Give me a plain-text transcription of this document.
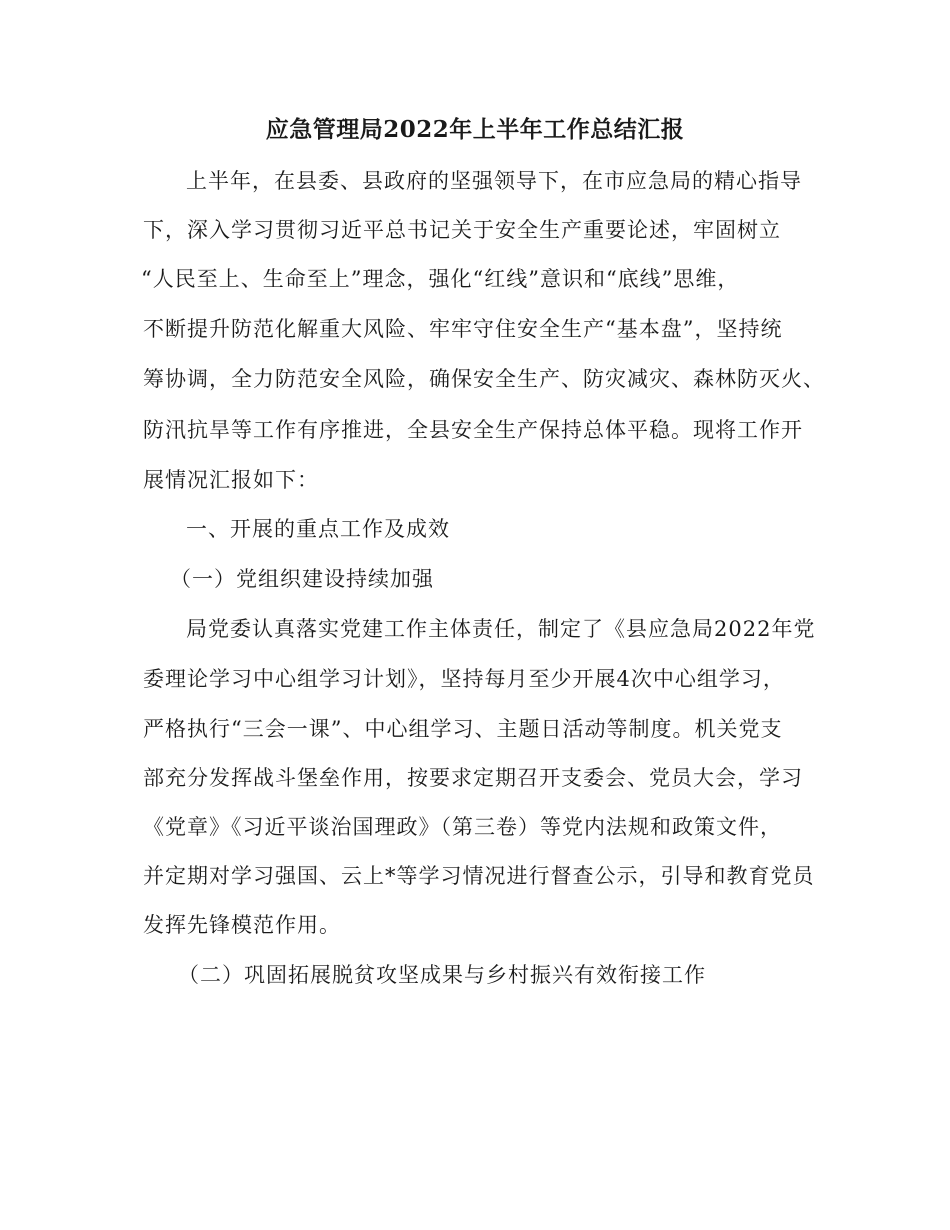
应急管理局2022年上半年工作总结汇报
上半年，在县委、县政府的坚强领导下，在市应急局的精心指导
下，深入学习贯彻习近平总书记关于安全生产重要论述，牢固树立
“人民至上、生命至上”理念，强化“红线”意识和“底线”思维，
不断提升防范化解重大风险、牢牢守住安全生产“基本盘”，坚持统
筹协调，全力防范安全风险，确保安全生产、防灾减灾、森林防灭火、
防汛抗旱等工作有序推进，全县安全生产保持总体平稳。现将工作开
展情况汇报如下：
一、开展的重点工作及成效
（一）党组织建设持续加强
局党委认真落实党建工作主体责任，制定了《县应急局2022年党
委理论学习中心组学习计划》，坚持每月至少开展4次中心组学习，
严格执行“三会一课”、中心组学习、主题日活动等制度。机关党支
部充分发挥战斗堡垒作用，按要求定期召开支委会、党员大会，学习
《党章》《习近平谈治国理政》（第三卷）等党内法规和政策文件，
并定期对学习强国、云上*等学习情况进行督查公示，引导和教育党员
发挥先锋模范作用。
（二）巩固拓展脱贫攻坚成果与乡村振兴有效衔接工作
